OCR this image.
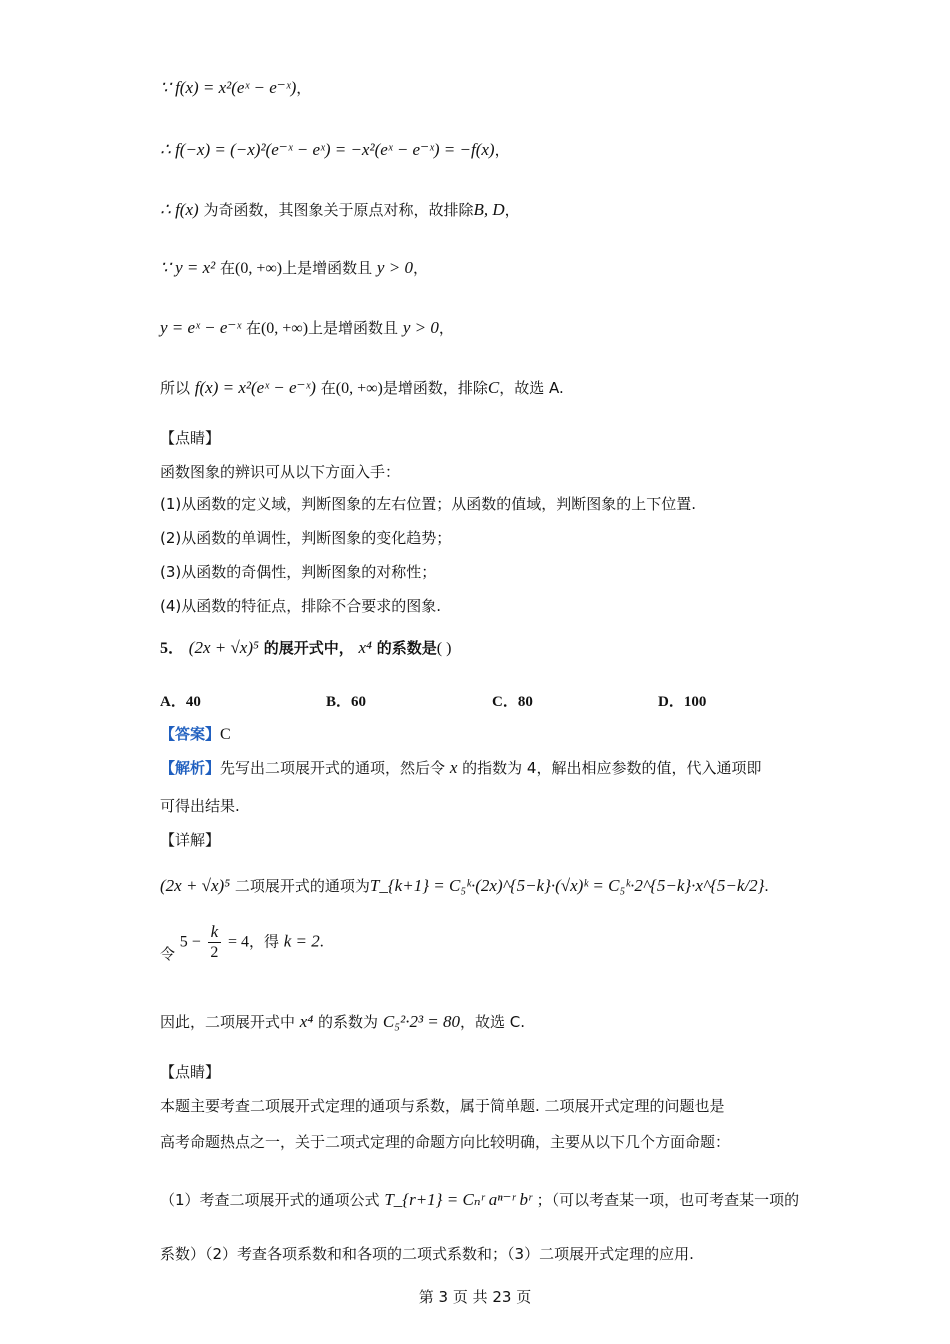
∵ f(x) = x²(eˣ − e⁻ˣ)，
∴ f(−x) = (−x)²(e⁻ˣ − eˣ) = −x²(eˣ − e⁻ˣ) = −f(x)，
∴ f(x) 为奇函数，其图象关于原点对称，故排除B, D，
∵ y = x² 在(0, +∞)上是增函数且 y > 0，
y = eˣ − e⁻ˣ 在(0, +∞)上是增函数且 y > 0，
所以 f(x) = x²(eˣ − e⁻ˣ) 在(0, +∞)是增函数，排除C，故选 A.
【点睛】
函数图象的辨识可从以下方面入手：
(1)从函数的定义域，判断图象的左右位置；从函数的值域，判断图象的上下位置.
(2)从函数的单调性，判断图象的变化趋势；
(3)从函数的奇偶性，判断图象的对称性；
(4)从函数的特征点，排除不合要求的图象.
5． (2x + √x)⁵ 的展开式中， x⁴ 的系数是( )
A．40	B．60	C．80	D．100
【答案】C
【解析】先写出二项展开式的通项，然后令 x 的指数为 4，解出相应参数的值，代入通项即
可得出结果.
【详解】
(2x + √x)⁵ 二项展开式的通项为T_{k+1} = C₅ᵏ·(2x)^{5−k}·(√x)ᵏ = C₅ᵏ·2^{5−k}·x^{5−k/2}.
令 $5 - \frac{k}{2} = 4$，得 k = 2.
因此，二项展开式中 x⁴ 的系数为 C₅²·2³ = 80，故选 C.
【点睛】
本题主要考查二项展开式定理的通项与系数，属于简单题. 二项展开式定理的问题也是
高考命题热点之一，关于二项式定理的命题方向比较明确，主要从以下几个方面命题：
（1）考查二项展开式的通项公式 T_{r+1} = Cₙʳ aⁿ⁻ʳ bʳ ；（可以考查某一项，也可考查某一项的
系数）（2）考查各项系数和和各项的二项式系数和；（3）二项展开式定理的应用.
第 3 页 共 23 页
